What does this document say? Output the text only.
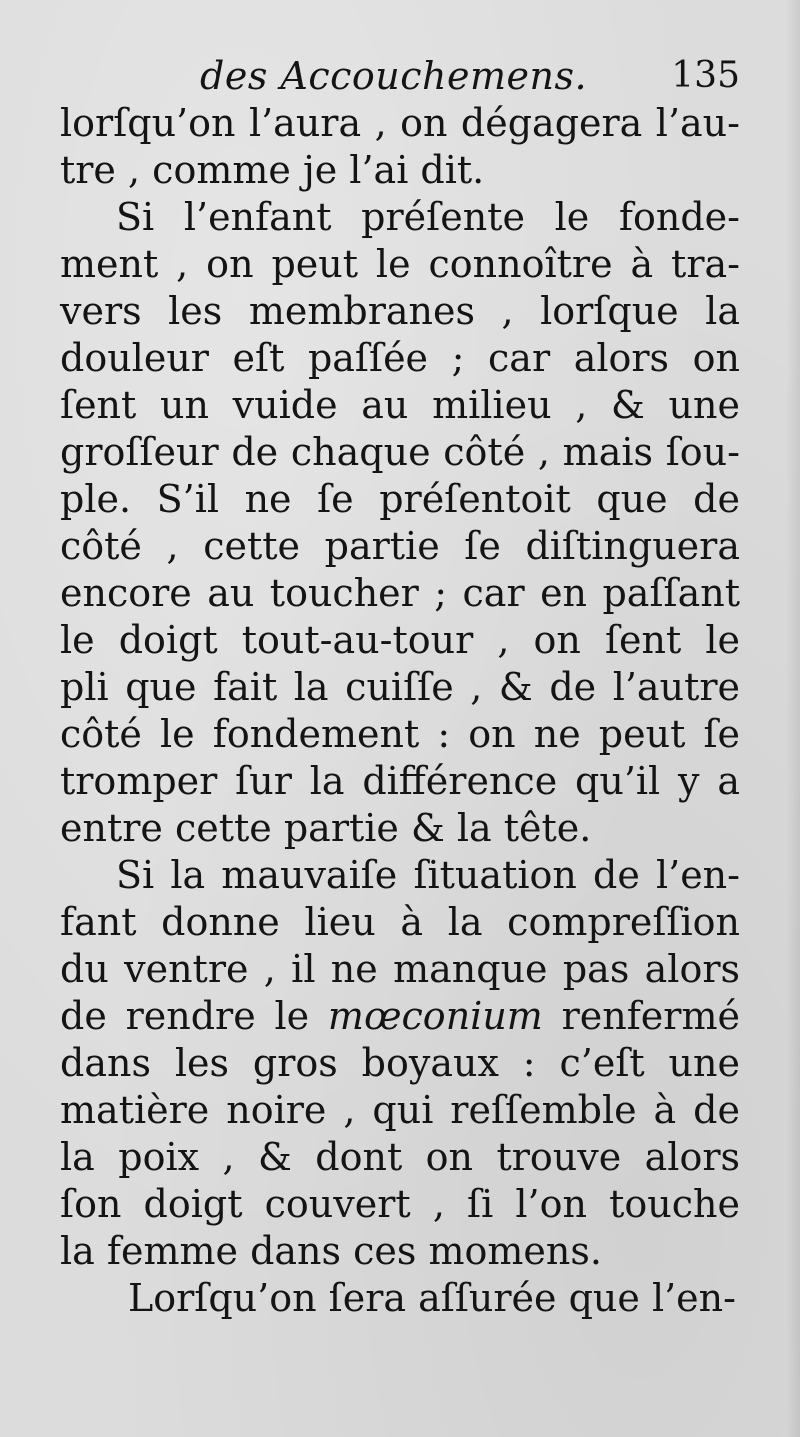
des Accouchemens. 135
lorſqu’on l’aura , on dégagera l’au-
tre , comme je l’ai dit.
Si l’enfant préſente le fonde-
ment , on peut le connoître à tra-
vers les membranes , lorſque la
douleur eſt paſſée ; car alors on
ſent un vuide au milieu , & une
groſſeur de chaque côté , mais ſou-
ple. S’il ne ſe préſentoit que de
côté , cette partie ſe diſtinguera
encore au toucher ; car en paſſant
le doigt tout-au-tour , on ſent le
pli que fait la cuiſſe , & de l’autre
côté le fondement : on ne peut ſe
tromper ſur la différence qu’il y a
entre cette partie & la tête.
Si la mauvaiſe ſituation de l’en-
fant donne lieu à la compreſſion
du ventre , il ne manque pas alors
de rendre le mœconium renfermé
dans les gros boyaux : c’eſt une
matière noire , qui reſſemble à de
la poix , & dont on trouve alors
ſon doigt couvert , ſi l’on touche
la femme dans ces momens.
Lorſqu’on ſera aſſurée que l’en-
